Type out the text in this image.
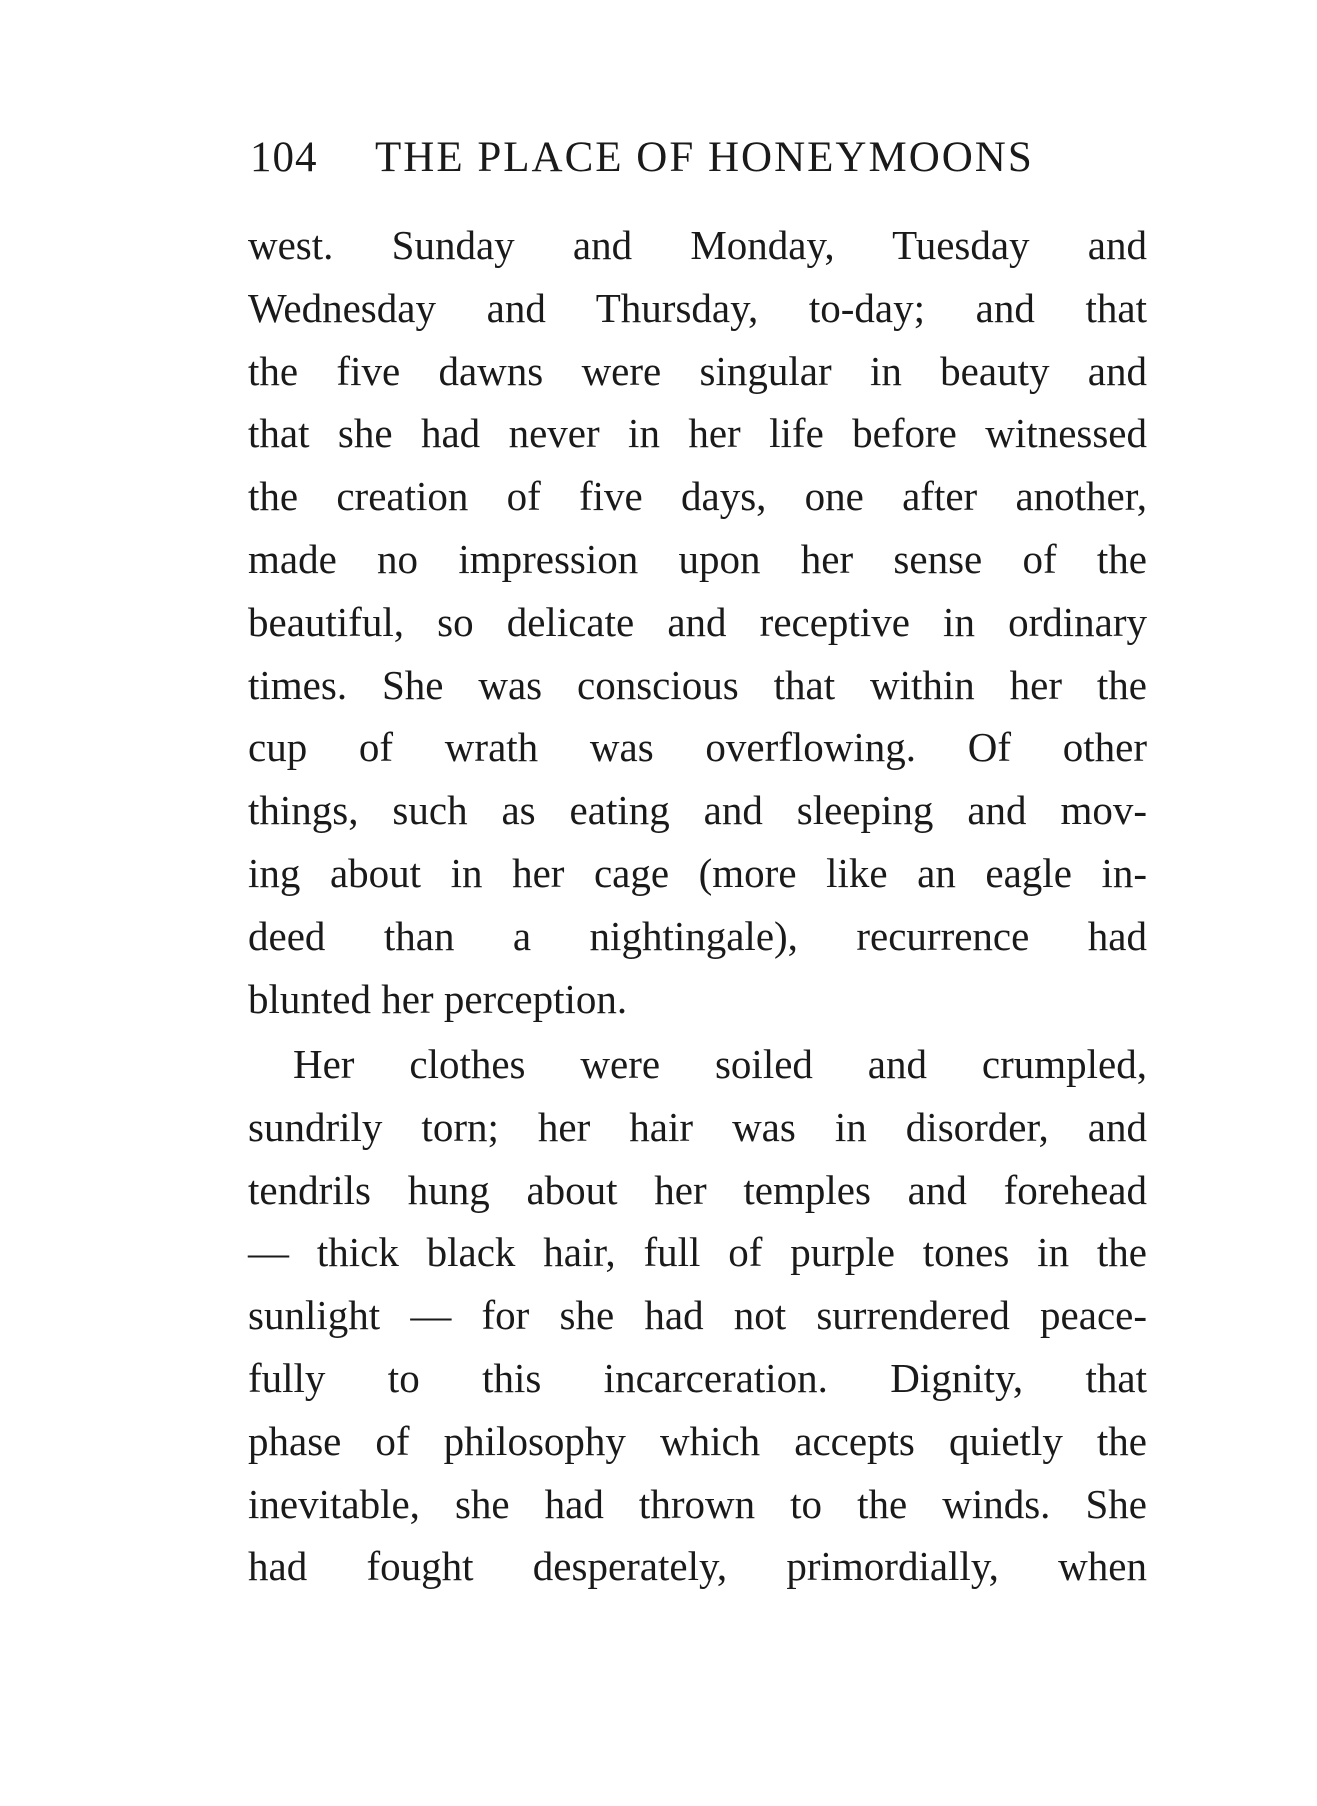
104 THE PLACE OF HONEYMOONS
west. Sunday and Monday, Tuesday and
Wednesday and Thursday, to-day; and that
the five dawns were singular in beauty and
that she had never in her life before witnessed
the creation of five days, one after another,
made no impression upon her sense of the
beautiful, so delicate and receptive in ordinary
times. She was conscious that within her the
cup of wrath was overflowing. Of other
things, such as eating and sleeping and mov-
ing about in her cage (more like an eagle in-
deed than a nightingale), recurrence had
blunted her perception.
Her clothes were soiled and crumpled,
sundrily torn; her hair was in disorder, and
tendrils hung about her temples and forehead
— thick black hair, full of purple tones in the
sunlight — for she had not surrendered peace-
fully to this incarceration. Dignity, that
phase of philosophy which accepts quietly the
inevitable, she had thrown to the winds. She
had fought desperately, primordially, when
